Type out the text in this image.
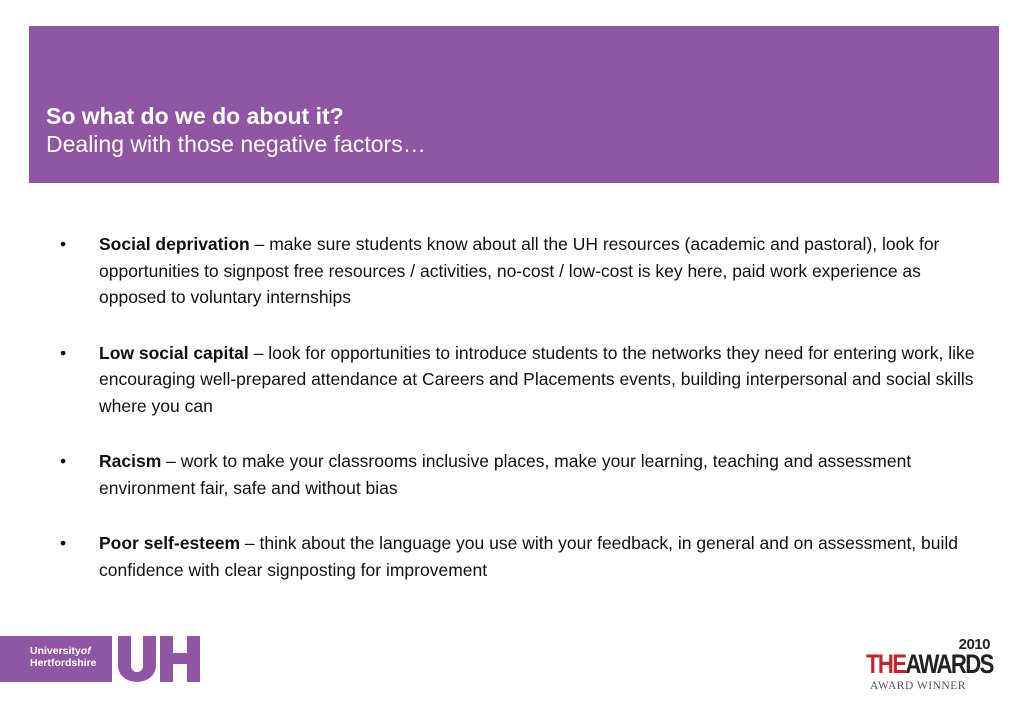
So what do we do about it?
Dealing with those negative factors…
• Social deprivation – make sure students know about all the UH resources (academic and pastoral), look for opportunities to signpost free resources / activities, no-cost / low-cost is key here, paid work experience as opposed to voluntary internships
• Low social capital – look for opportunities to introduce students to the networks they need for entering work, like encouraging well-prepared attendance at Careers and Placements events, building interpersonal and social skills where you can
• Racism – work to make your classrooms inclusive places, make your learning, teaching and assessment environment fair, safe and without bias
• Poor self-esteem – think about the language you use with your feedback, in general and on assessment, build confidence with clear signposting for improvement
Universityof
Hertfordshire
2010
THEAWARDS
AWARD WINNER
